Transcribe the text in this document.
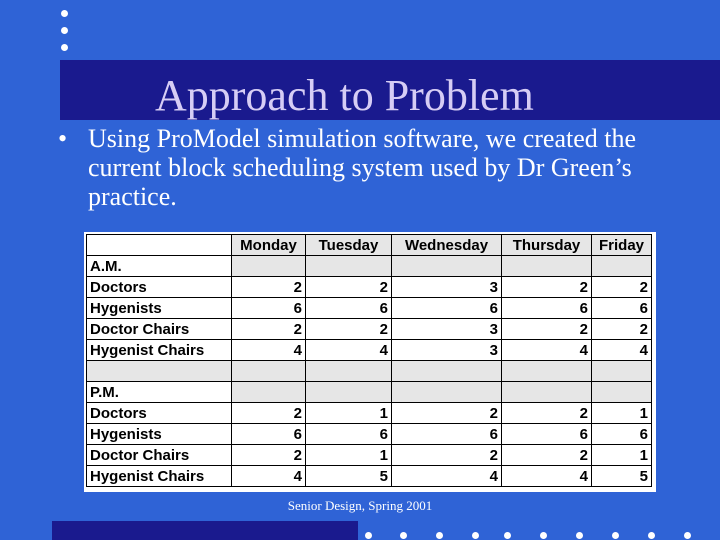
Approach to Problem
• Using ProModel simulation software, we created the current block scheduling system used by Dr Green’s practice.
	Monday	Tuesday	Wednesday	Thursday	Friday
A.M.					
Doctors	2	2	3	2	2
Hygenists	6	6	6	6	6
Doctor Chairs	2	2	3	2	2
Hygenist Chairs	4	4	3	4	4

P.M.					
Doctors	2	1	2	2	1
Hygenists	6	6	6	6	6
Doctor Chairs	2	1	2	2	1
Hygenist Chairs	4	5	4	4	5
Senior Design, Spring 2001
